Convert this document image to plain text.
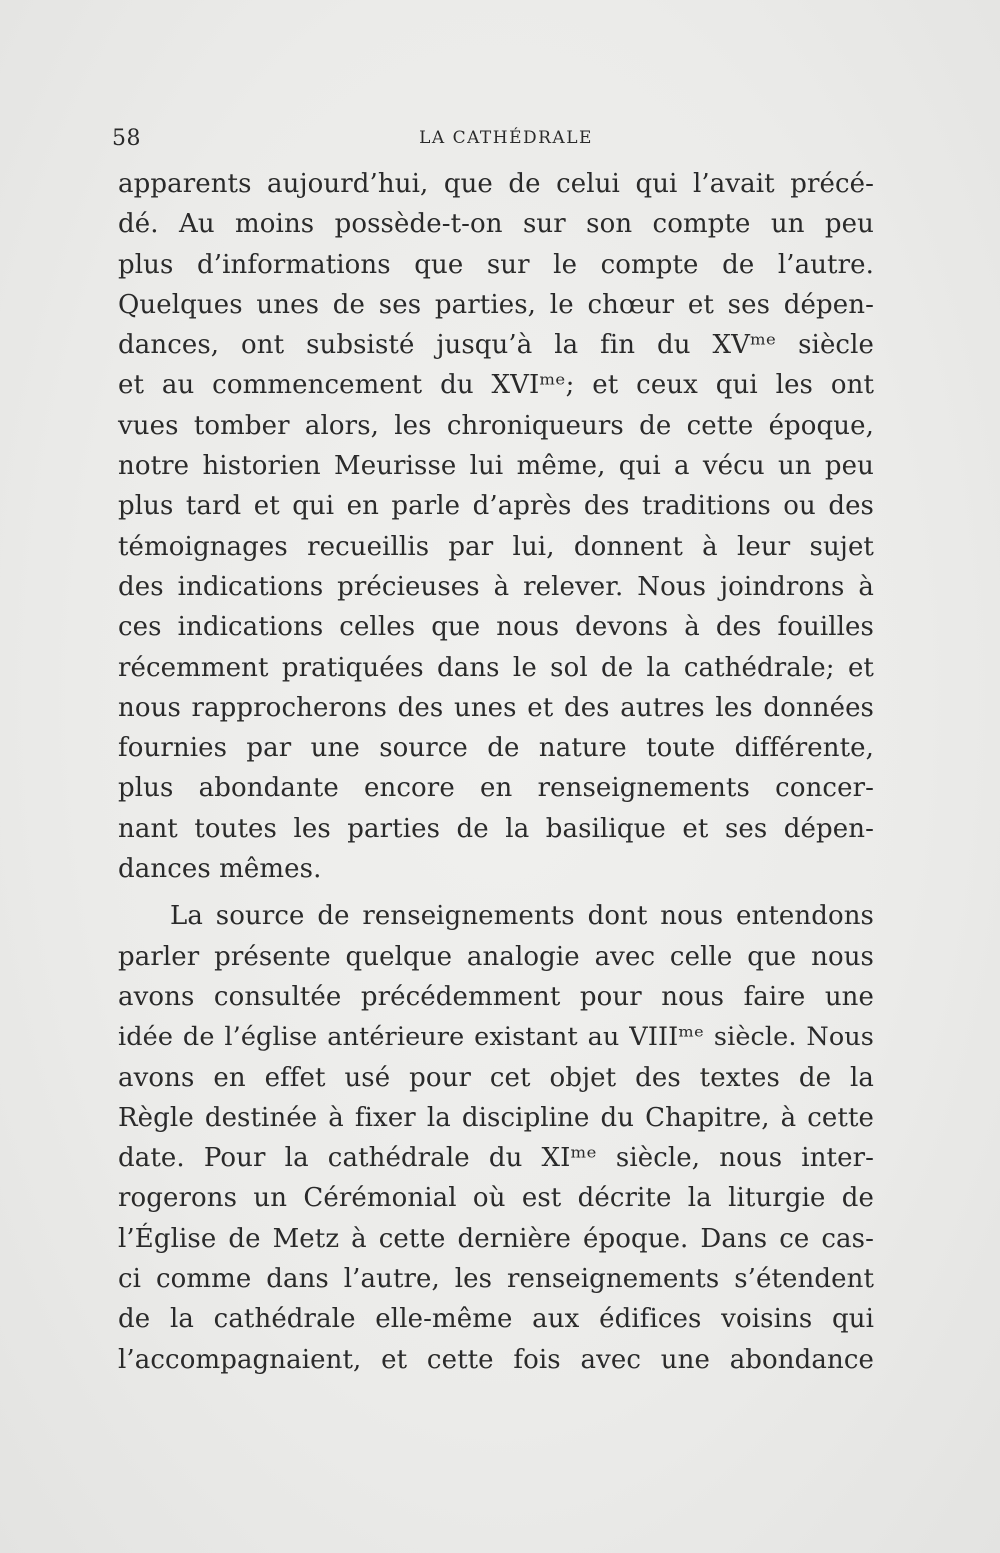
58	LA CATHÉDRALE
apparents aujourd’hui, que de celui qui l’avait précé-
dé. Au moins possède-t-on sur son compte un peu
plus d’informations que sur le compte de l’autre.
Quelques unes de ses parties, le chœur et ses dépen-
dances, ont subsisté jusqu’à la fin du XVᵐᵉ siècle
et au commencement du XVIᵐᵉ; et ceux qui les ont
vues tomber alors, les chroniqueurs de cette époque,
notre historien Meurisse lui même, qui a vécu un peu
plus tard et qui en parle d’après des traditions ou des
témoignages recueillis par lui, donnent à leur sujet
des indications précieuses à relever. Nous joindrons à
ces indications celles que nous devons à des fouilles
récemment pratiquées dans le sol de la cathédrale; et
nous rapprocherons des unes et des autres les données
fournies par une source de nature toute différente,
plus abondante encore en renseignements concer-
nant toutes les parties de la basilique et ses dépen-
dances mêmes.
La source de renseignements dont nous entendons
parler présente quelque analogie avec celle que nous
avons consultée précédemment pour nous faire une
idée de l’église antérieure existant au VIIIᵐᵉ siècle. Nous
avons en effet usé pour cet objet des textes de la
Règle destinée à fixer la discipline du Chapitre, à cette
date. Pour la cathédrale du XIᵐᵉ siècle, nous inter-
rogerons un Cérémonial où est décrite la liturgie de
l’Église de Metz à cette dernière époque. Dans ce cas-
ci comme dans l’autre, les renseignements s’étendent
de la cathédrale elle-même aux édifices voisins qui
l’accompagnaient, et cette fois avec une abondance
